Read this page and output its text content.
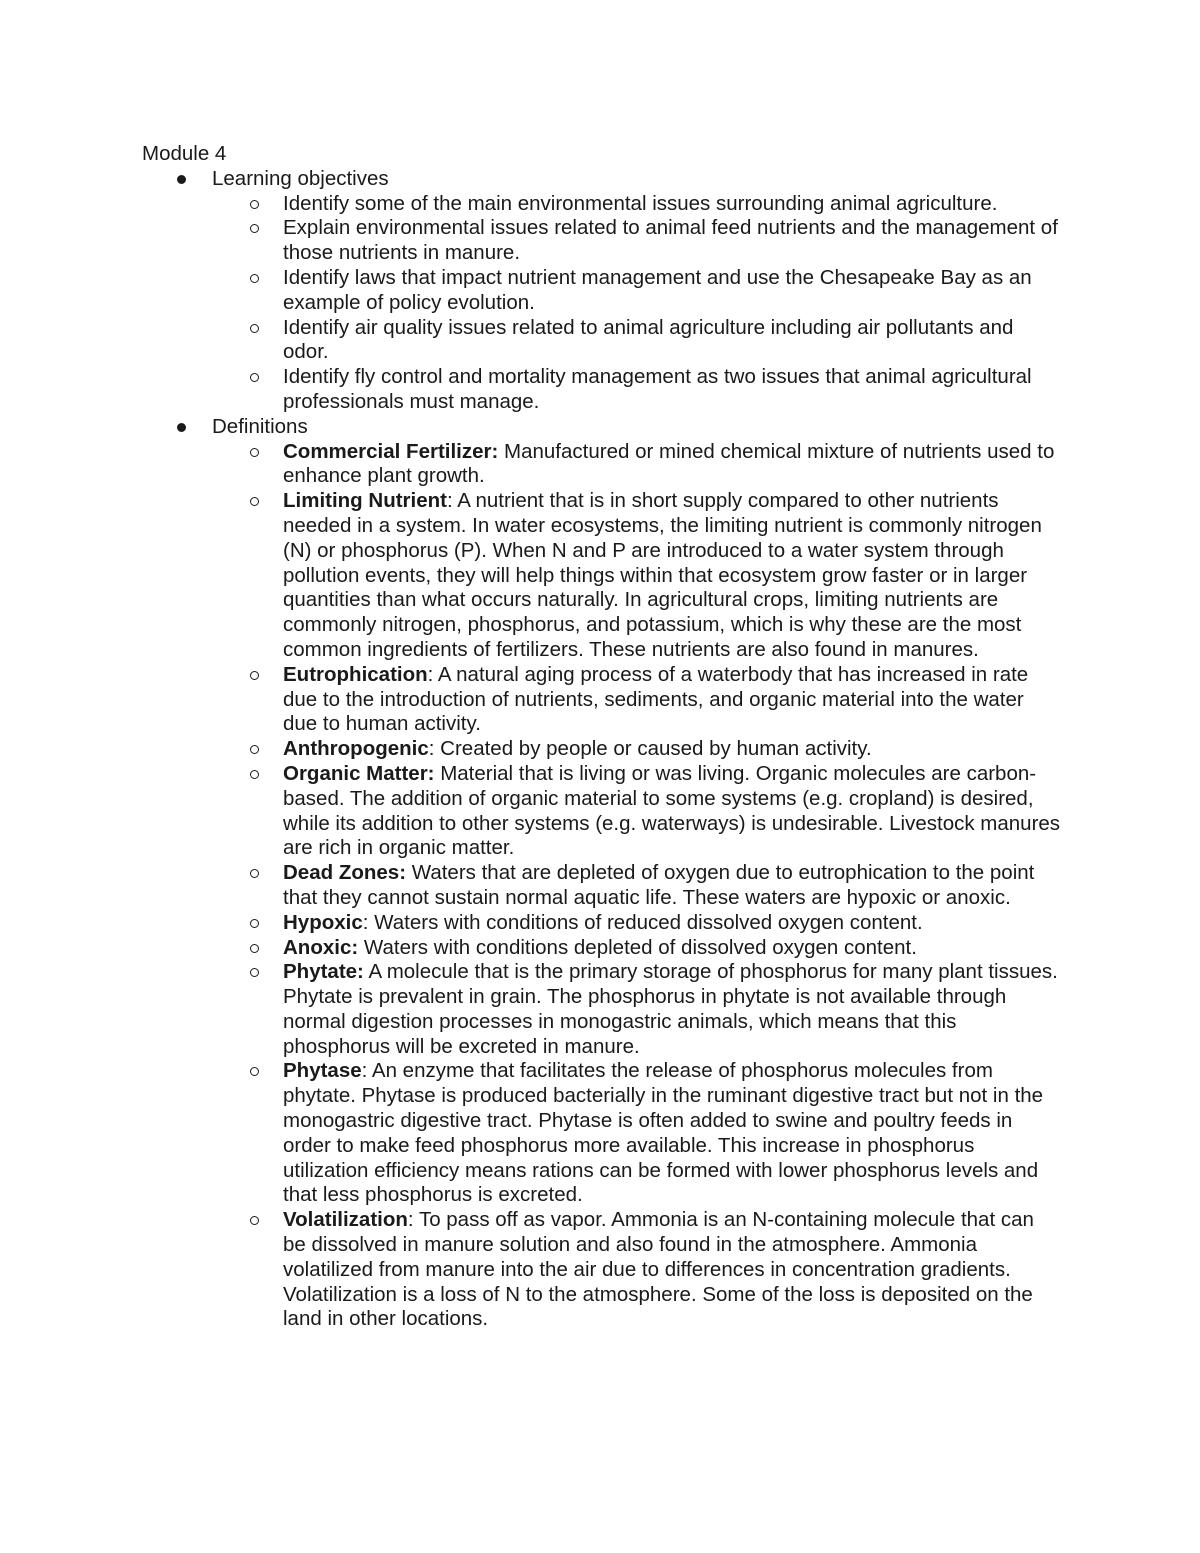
Module 4
Learning objectives
Identify some of the main environmental issues surrounding animal agriculture.
Explain environmental issues related to animal feed nutrients and the management of those nutrients in manure.
Identify laws that impact nutrient management and use the Chesapeake Bay as an example of policy evolution.
Identify air quality issues related to animal agriculture including air pollutants and odor.
Identify fly control and mortality management as two issues that animal agricultural professionals must manage.
Definitions
Commercial Fertilizer: Manufactured or mined chemical mixture of nutrients used to enhance plant growth.
Limiting Nutrient: A nutrient that is in short supply compared to other nutrients needed in a system. In water ecosystems, the limiting nutrient is commonly nitrogen (N) or phosphorus (P). When N and P are introduced to a water system through pollution events, they will help things within that ecosystem grow faster or in larger quantities than what occurs naturally. In agricultural crops, limiting nutrients are commonly nitrogen, phosphorus, and potassium, which is why these are the most common ingredients of fertilizers. These nutrients are also found in manures.
Eutrophication: A natural aging process of a waterbody that has increased in rate due to the introduction of nutrients, sediments, and organic material into the water due to human activity.
Anthropogenic: Created by people or caused by human activity.
Organic Matter: Material that is living or was living. Organic molecules are carbon-based. The addition of organic material to some systems (e.g. cropland) is desired, while its addition to other systems (e.g. waterways) is undesirable. Livestock manures are rich in organic matter.
Dead Zones: Waters that are depleted of oxygen due to eutrophication to the point that they cannot sustain normal aquatic life. These waters are hypoxic or anoxic.
Hypoxic: Waters with conditions of reduced dissolved oxygen content.
Anoxic: Waters with conditions depleted of dissolved oxygen content.
Phytate: A molecule that is the primary storage of phosphorus for many plant tissues. Phytate is prevalent in grain. The phosphorus in phytate is not available through normal digestion processes in monogastric animals, which means that this phosphorus will be excreted in manure.
Phytase: An enzyme that facilitates the release of phosphorus molecules from phytate. Phytase is produced bacterially in the ruminant digestive tract but not in the monogastric digestive tract. Phytase is often added to swine and poultry feeds in order to make feed phosphorus more available. This increase in phosphorus utilization efficiency means rations can be formed with lower phosphorus levels and that less phosphorus is excreted.
Volatilization: To pass off as vapor. Ammonia is an N-containing molecule that can be dissolved in manure solution and also found in the atmosphere. Ammonia volatilized from manure into the air due to differences in concentration gradients. Volatilization is a loss of N to the atmosphere. Some of the loss is deposited on the land in other locations.
